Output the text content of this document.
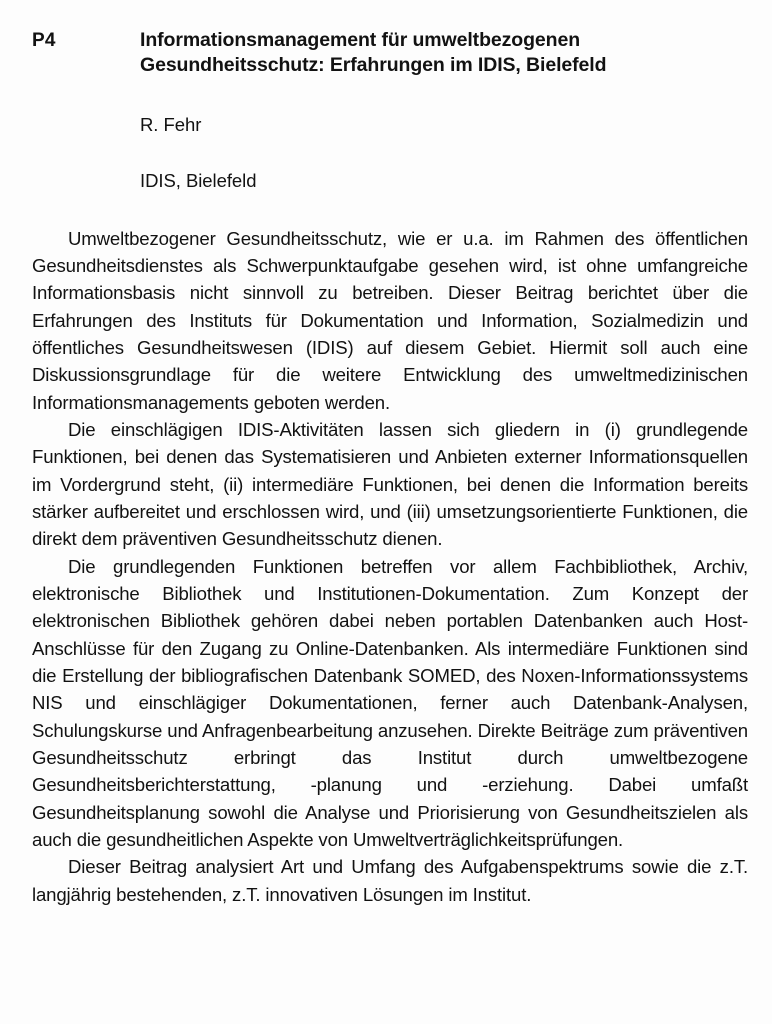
P4	Informationsmanagement für umweltbezogenen
Gesundheitsschutz: Erfahrungen im IDIS, Bielefeld
R. Fehr
IDIS, Bielefeld

Umweltbezogener Gesundheitsschutz, wie er u.a. im Rahmen des öffentlichen Gesundheitsdienstes als Schwerpunktaufgabe gesehen wird, ist ohne umfangreiche Informationsbasis nicht sinnvoll zu betreiben. Dieser Beitrag berichtet über die Erfahrungen des Instituts für Dokumentation und Information, Sozialmedizin und öffentliches Gesundheitswesen (IDIS) auf diesem Gebiet. Hiermit soll auch eine Diskussionsgrundlage für die weitere Entwicklung des umweltmedizinischen Informationsmanagements geboten werden.

Die einschlägigen IDIS-Aktivitäten lassen sich gliedern in (i) grundlegende Funktionen, bei denen das Systematisieren und Anbieten externer Informationsquellen im Vordergrund steht, (ii) intermediäre Funktionen, bei denen die Information bereits stärker aufbereitet und erschlossen wird, und (iii) umsetzungsorientierte Funktionen, die direkt dem präventiven Gesundheitsschutz dienen.

Die grundlegenden Funktionen betreffen vor allem Fachbibliothek, Archiv, elektronische Bibliothek und Institutionen-Dokumentation. Zum Konzept der elektronischen Bibliothek gehören dabei neben portablen Datenbanken auch Host-Anschlüsse für den Zugang zu Online-Datenbanken. Als intermediäre Funktionen sind die Erstellung der bibliografischen Datenbank SOMED, des Noxen-Informationssystems NIS und einschlägiger Dokumentationen, ferner auch Datenbank-Analysen, Schulungskurse und Anfragenbearbeitung anzusehen. Direkte Beiträge zum präventiven Gesundheitsschutz erbringt das Institut durch umweltbezogene Gesundheitsberichterstattung, -planung und -erziehung. Dabei umfaßt Gesundheitsplanung sowohl die Analyse und Priorisierung von Gesundheitszielen als auch die gesundheitlichen Aspekte von Umweltverträglichkeitsprüfungen.

Dieser Beitrag analysiert Art und Umfang des Aufgabenspektrums sowie die z.T. langjährig bestehenden, z.T. innovativen Lösungen im Institut.
